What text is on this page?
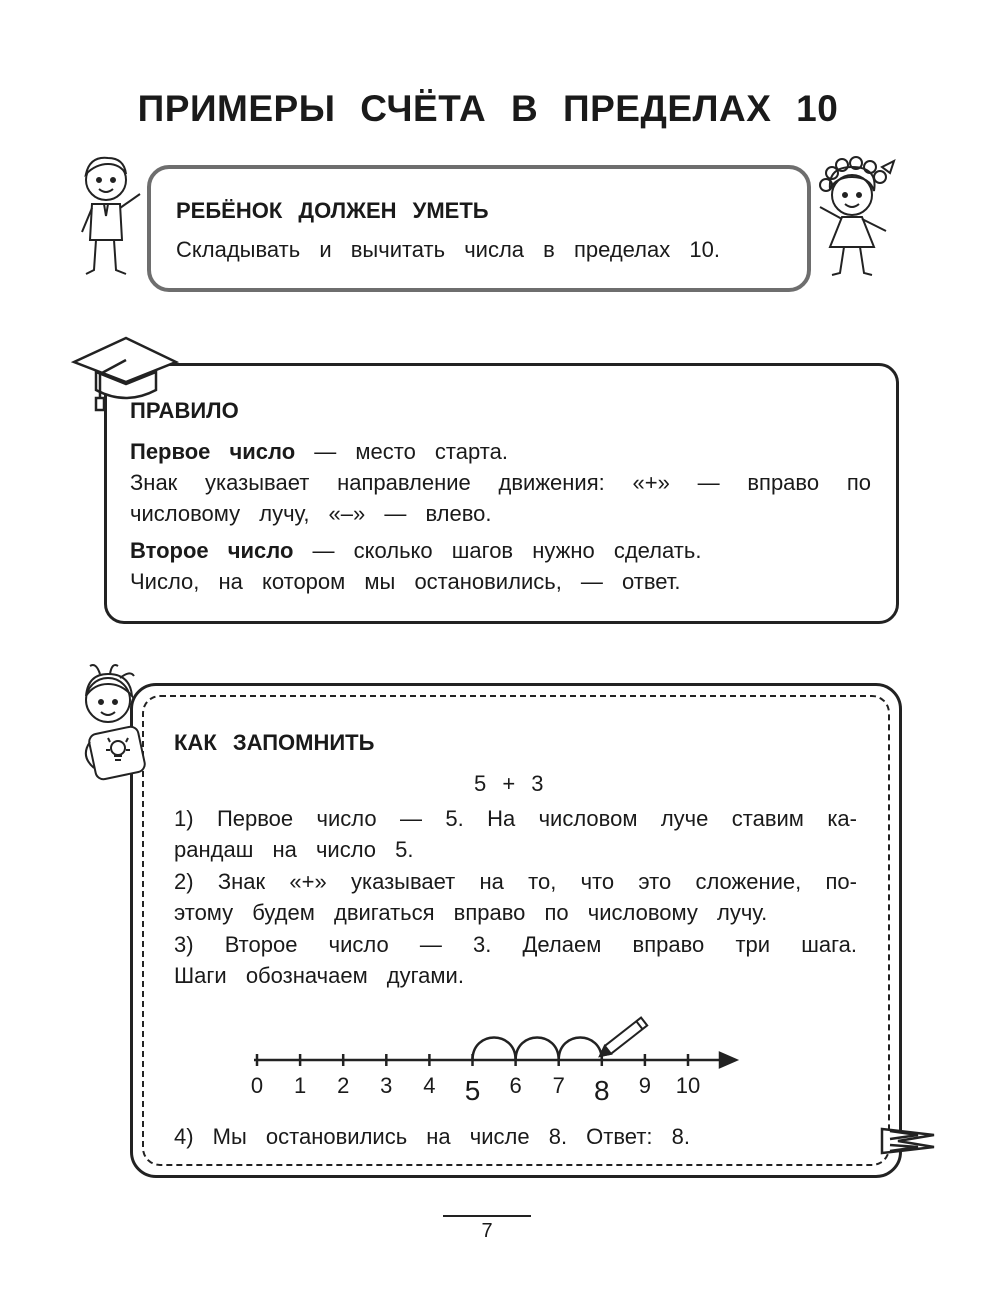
ПРИМЕРЫ СЧЁТА В ПРЕДЕЛАХ 10
РЕБЁНОК ДОЛЖЕН УМЕТЬ
Складывать и вычитать числа в пределах 10.
ПРАВИЛО
Первое число — место старта.
Знак указывает направление движения: «+» — вправо по
числовому лучу, «–» — влево.
Второе число — сколько шагов нужно сделать.
Число, на котором мы остановились, — ответ.
КАК ЗАПОМНИТЬ
5 + 3
1) Первое число — 5. На числовом луче ставим ка-
рандаш на число 5.
2) Знак «+» указывает на то, что это сложение, по-
этому будем двигаться вправо по числовому лучу.
3) Второе число — 3. Делаем вправо три шага.
Шаги обозначаем дугами.
0 1 2 3 4 5 6 7 8 9 10
4) Мы остановились на числе 8. Ответ: 8.
7
